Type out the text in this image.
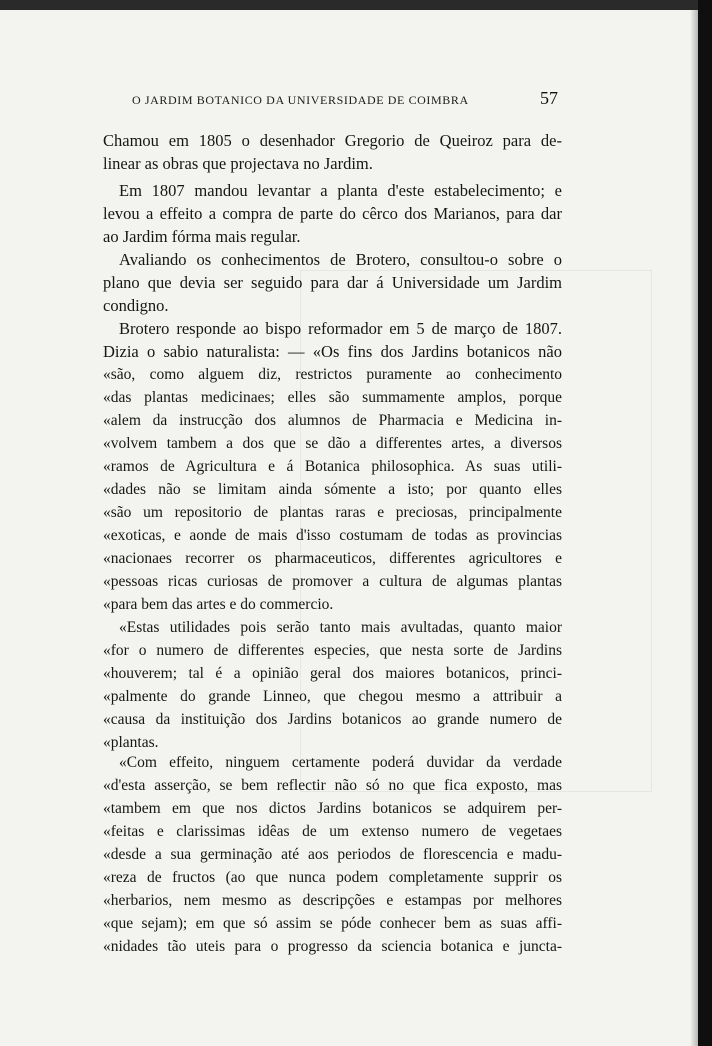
O JARDIM BOTANICO DA UNIVERSIDADE DE COIMBRA	57

Chamou em 1805 o desenhador Gregorio de Queiroz para de-

linear as obras que projectava no Jardim.

Em 1807 mandou levantar a planta d'este estabelecimento; e

levou a effeito a compra de parte do cêrco dos Marianos, para dar

ao Jardim fórma mais regular.

Avaliando os conhecimentos de Brotero, consultou-o sobre o

plano que devia ser seguido para dar á Universidade um Jardim

condigno.

Brotero responde ao bispo reformador em 5 de março de 1807.

Dizia o sabio naturalista: — «Os fins dos Jardins botanicos não

«são, como alguem diz, restrictos puramente ao conhecimento

«das plantas medicinaes; elles são summamente amplos, porque

«alem da instrucção dos alumnos de Pharmacia e Medicina in-

«volvem tambem a dos que se dão a differentes artes, a diversos

«ramos de Agricultura e á Botanica philosophica. As suas utili-

«dades não se limitam ainda sómente a isto; por quanto elles

«são um repositorio de plantas raras e preciosas, principalmente

«exoticas, e aonde de mais d'isso costumam de todas as provincias

«nacionaes recorrer os pharmaceuticos, differentes agricultores e

«pessoas ricas curiosas de promover a cultura de algumas plantas

«para bem das artes e do commercio.

«Estas utilidades pois serão tanto mais avultadas, quanto maior

«for o numero de differentes especies, que nesta sorte de Jardins

«houverem; tal é a opinião geral dos maiores botanicos, princi-

«palmente do grande Linneo, que chegou mesmo a attribuir a

«causa da instituição dos Jardins botanicos ao grande numero de

«plantas.

«Com effeito, ninguem certamente poderá duvidar da verdade

«d'esta asserção, se bem reflectir não só no que fica exposto, mas

«tambem em que nos dictos Jardins botanicos se adquirem per-

«feitas e clarissimas idêas de um extenso numero de vegetaes

«desde a sua germinação até aos periodos de florescencia e madu-

«reza de fructos (ao que nunca podem completamente supprir os

«herbarios, nem mesmo as descripções e estampas por melhores

«que sejam); em que só assim se póde conhecer bem as suas affi-

«nidades tão uteis para o progresso da sciencia botanica e juncta-
